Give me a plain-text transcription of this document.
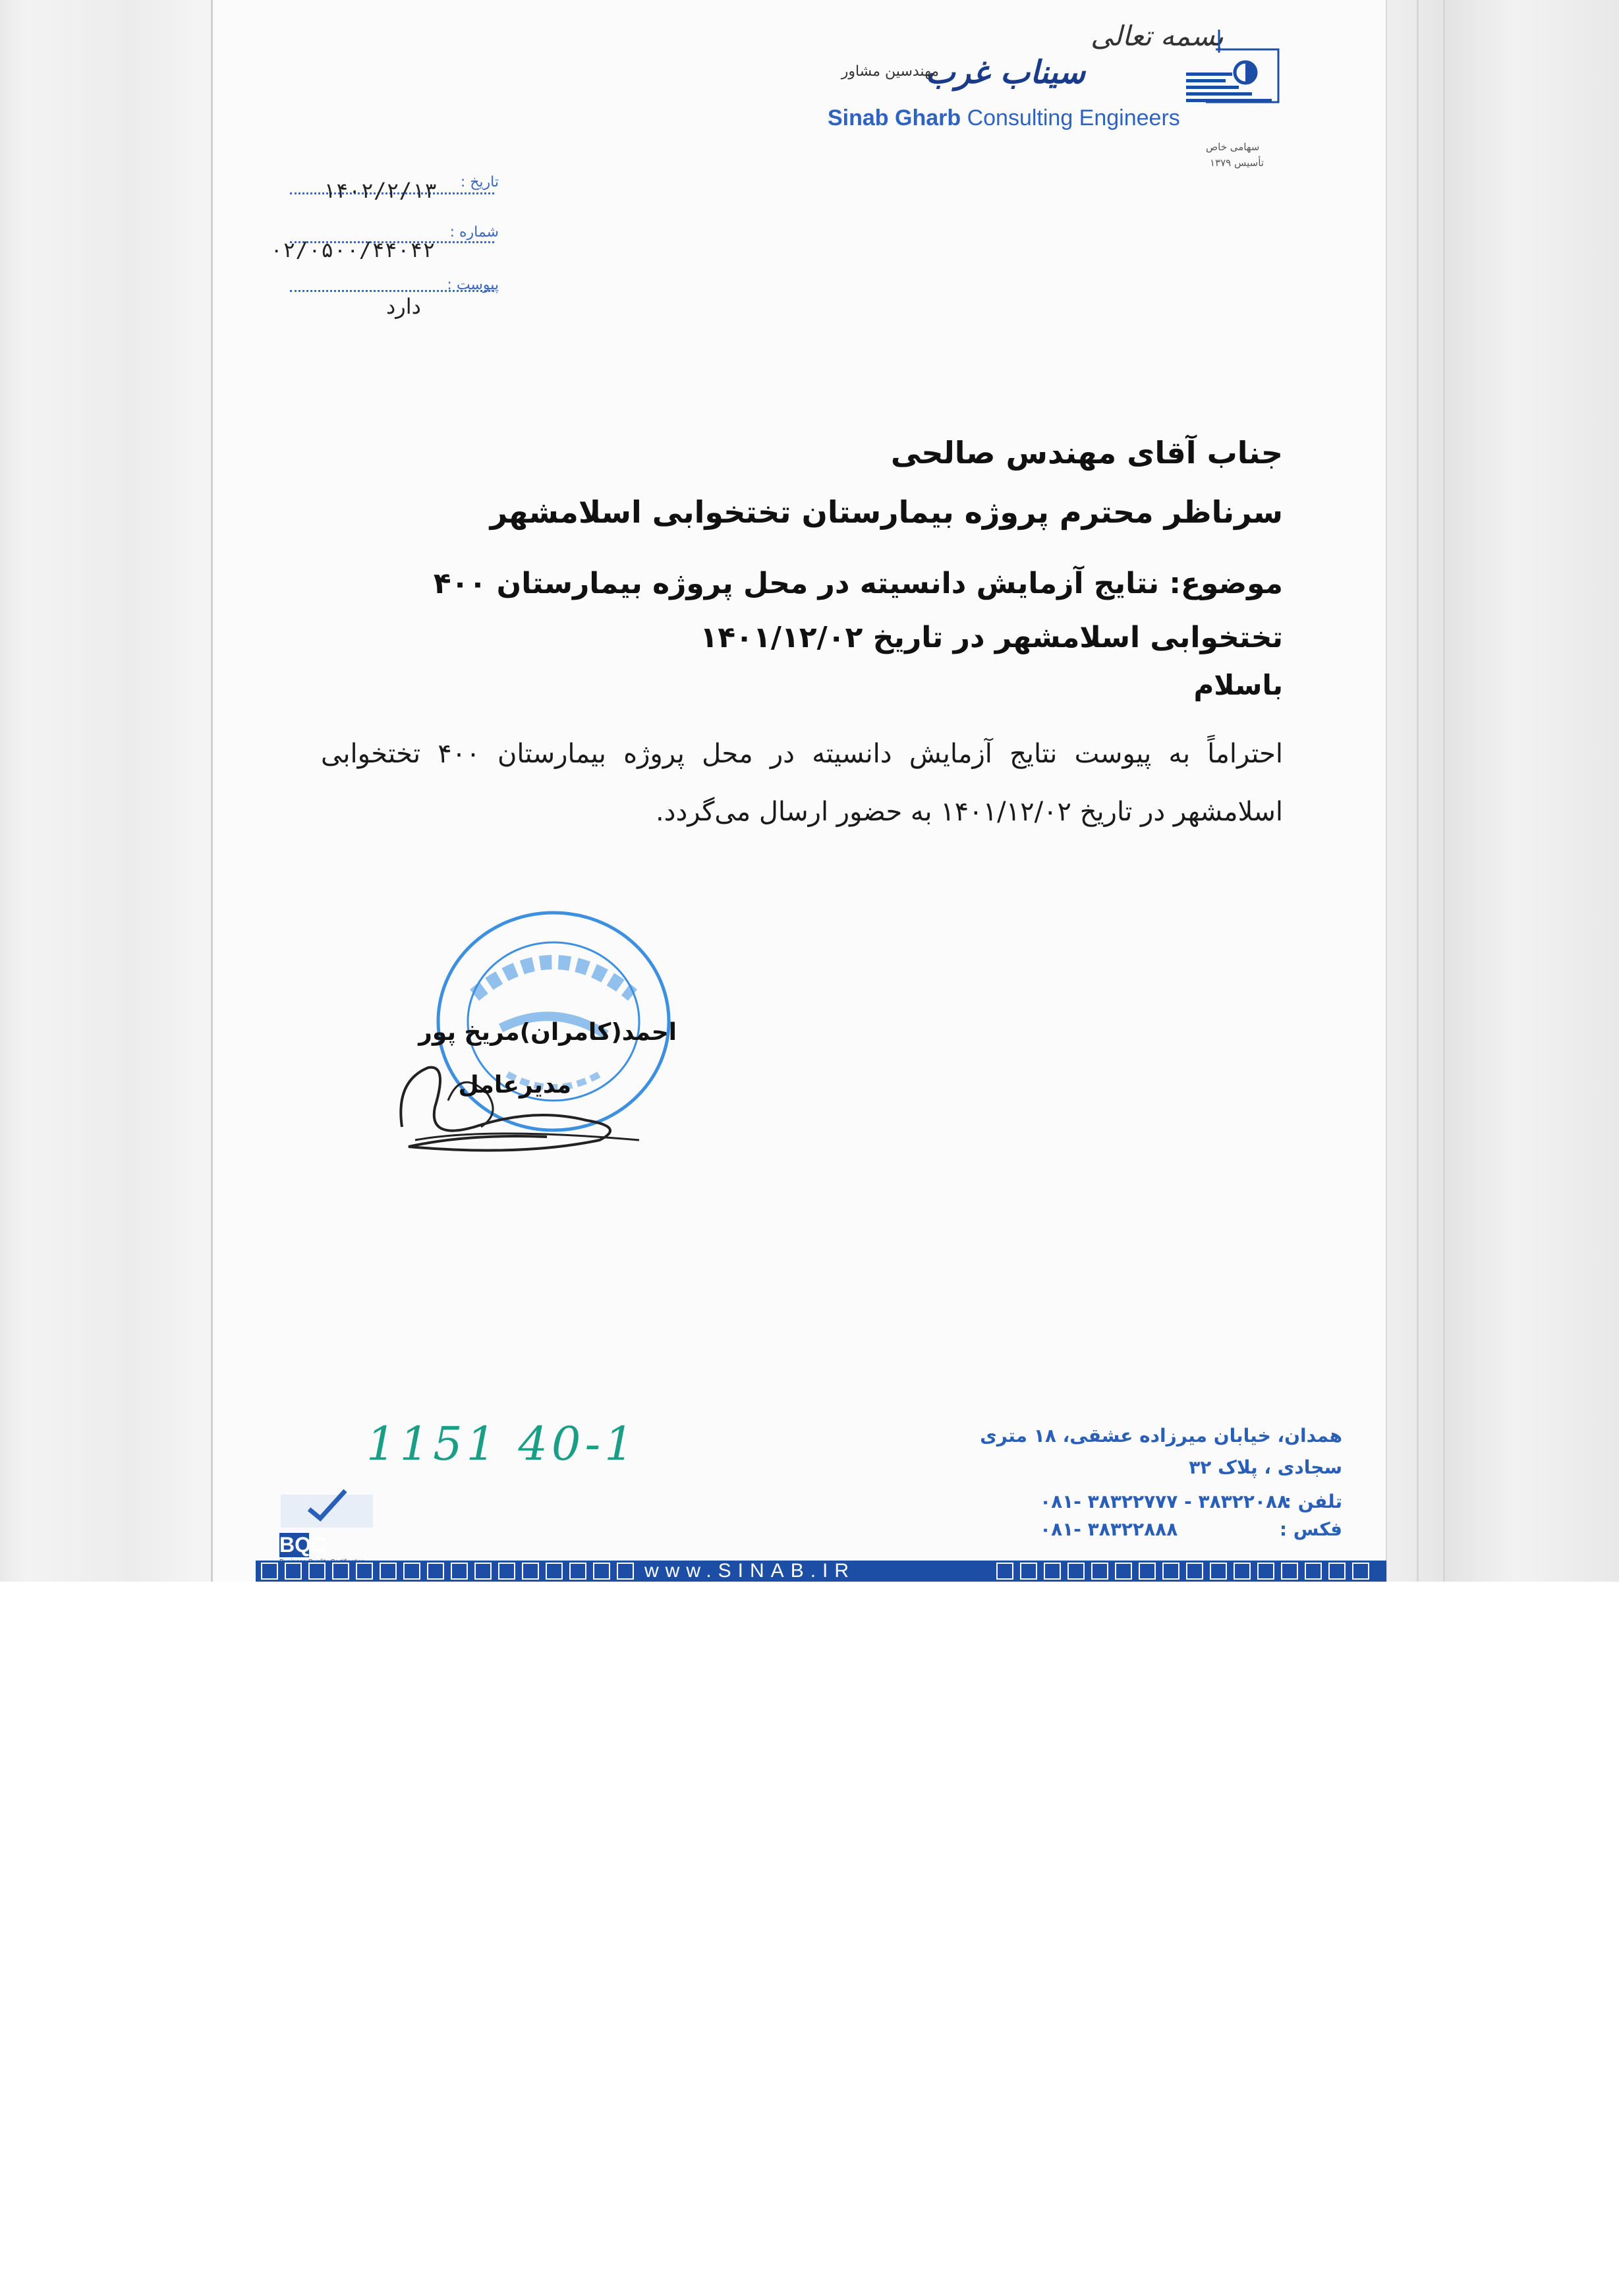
بسمه تعالی
سیناب غرب
مهندسین مشاور
Sinab Gharb Consulting Engineers
سهامی خاص
تأسیس ۱۳۷۹
تاریخ :
۱۴۰۲/۲/۱۳
شماره :
۰۲/۰۵۰۰/۴۴۰۴۲
پیوست :
دارد
جناب آقای مهندس صالحی
سرناظر محترم پروژه بیمارستان تختخوابی اسلامشهر
موضوع: نتایج آزمایش دانسیته در محل پروژه بیمارستان ۴۰۰ تختخوابی اسلامشهر در تاریخ ۱۴۰۱/۱۲/۰۲
باسلام
احتراماً به پیوست نتایج آزمایش دانسیته در محل پروژه بیمارستان ۴۰۰ تختخوابی اسلامشهر در تاریخ ۱۴۰۱/۱۲/۰۲ به حضور ارسال می‌گردد.
احمد(کامران)مریخ پور
مدیرعامل
1151 40-1	همدان، خیابان میرزاده عشقی، ۱۸ متری
سجادی ، پلاک ۳۲
تلفن :
۰۸۱- ۳۸۳۲۲۷۷۷ - ۳۸۳۲۲۰۸۸
فکس :
۰۸۱- ۳۸۳۲۲۸۸۸
BQC
www.SINAB.IR
